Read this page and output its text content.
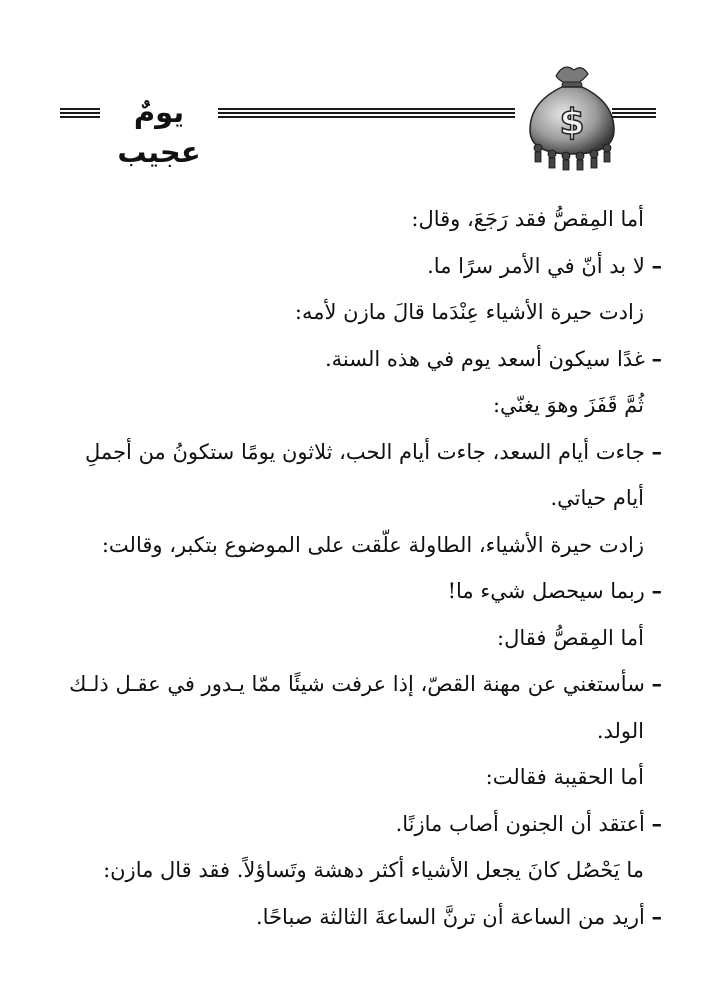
يومٌ عجيب
$
أما المِقصُّ فقد رَجَعَ، وقال:
– لا بد أنّ في الأمر سرًا ما.
زادت حيرة الأشياء عِنْدَما قالَ مازن لأمه:
– غدًا سيكون أسعد يوم في هذه السنة.
ثُمَّ قَفَزَ وهوَ يغنّي:
– جاءت أيام السعد، جاءت أيام الحب، ثلاثون يومًا ستكونُ من أجملِ
أيام حياتي.
زادت حيرة الأشياء، الطاولة علّقت على الموضوع بتكبر، وقالت:
– ربما سيحصل شيء ما!
أما المِقصُّ فقال:
– سأستغني عن مهنة القصّ، إذا عرفت شيئًا ممّا يـدور في عقـل ذلـك
الولد.
أما الحقيبة فقالت:
– أعتقد أن الجنون أصاب مازنًا.
ما يَحْصُل كانَ يجعل الأشياء أكثر دهشة وتَساؤلاً. فقد قال مازن:
– أريد من الساعة أن ترنَّ الساعةَ الثالثة صباحًا.
